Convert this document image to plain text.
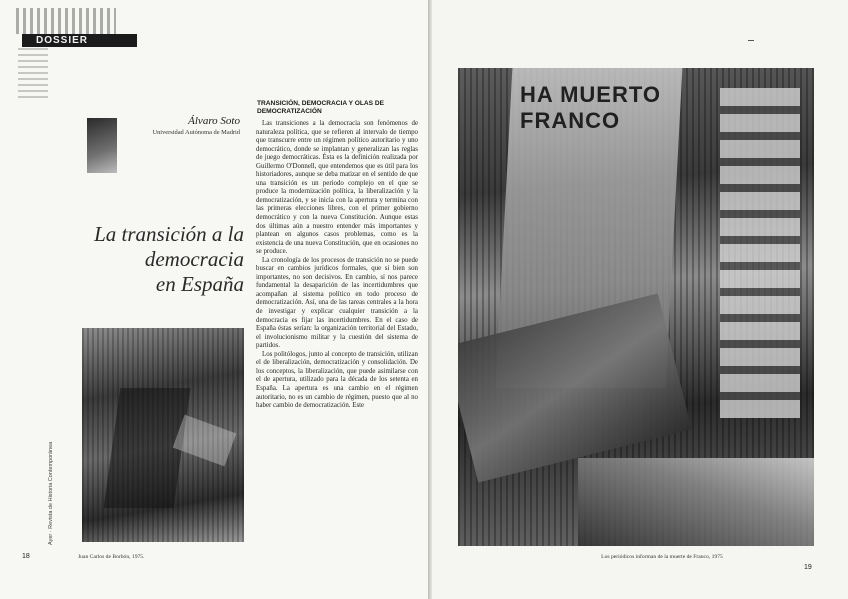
DOSSIER
Álvaro Soto
Universidad Autónoma de Madrid
La transición a la
democracia
en España
Juan Carlos de Borbón, 1975.
Ayer · Revista de Historia Contemporánea
18
TRANSICIÓN, DEMOCRACIA Y OLAS DE DEMOCRATIZACIÓN

Las transiciones a la democracia son fenómenos de naturaleza política, que se refieren al intervalo de tiempo que transcurre entre un régimen político autoritario y uno democrático, donde se implantan y generalizan las reglas de juego democráticas. Ésta es la definición realizada por Guillermo O'Donnell, que entendemos que es útil para los historiadores, aunque se deba matizar en el sentido de que una transición es un periodo complejo en el que se produce la modernización política, la liberalización y la democratización, y se inicia con la apertura y termina con las primeras elecciones libres, con el primer gobierno democrático y con la nueva Constitución. Aunque estas dos últimas aún a nuestro entender más importantes y plantean en algunos casos problemas, como es la existencia de una nueva Constitución, que en ocasiones no se produce.

La cronología de los procesos de transición no se puede buscar en cambios jurídicos formales, que si bien son importantes, no son decisivos. En cambio, sí nos parece fundamental la desaparición de las incertidumbres que acompañan al sistema político en todo proceso de democratización. Así, una de las tareas centrales a la hora de investigar y explicar cualquier transición a la democracia es fijar las incertidumbres. En el caso de España éstas serían: la organización territorial del Estado, el involucionismo militar y la cuestión del sistema de partidos.

Los politólogos, junto al concepto de transición, utilizan el de liberalización, democratización y consolidación. De los conceptos, la liberalización, que puede asimilarse con el de apertura, utilizado para la década de los setenta en España. La apertura es una cambio en el régimen autoritario, no es un cambio de régimen, puesto que al no haber cambio de democratización. Este

HA MUERTO FRANCO
Los periódicos informan de la muerte de Franco, 1975
19
